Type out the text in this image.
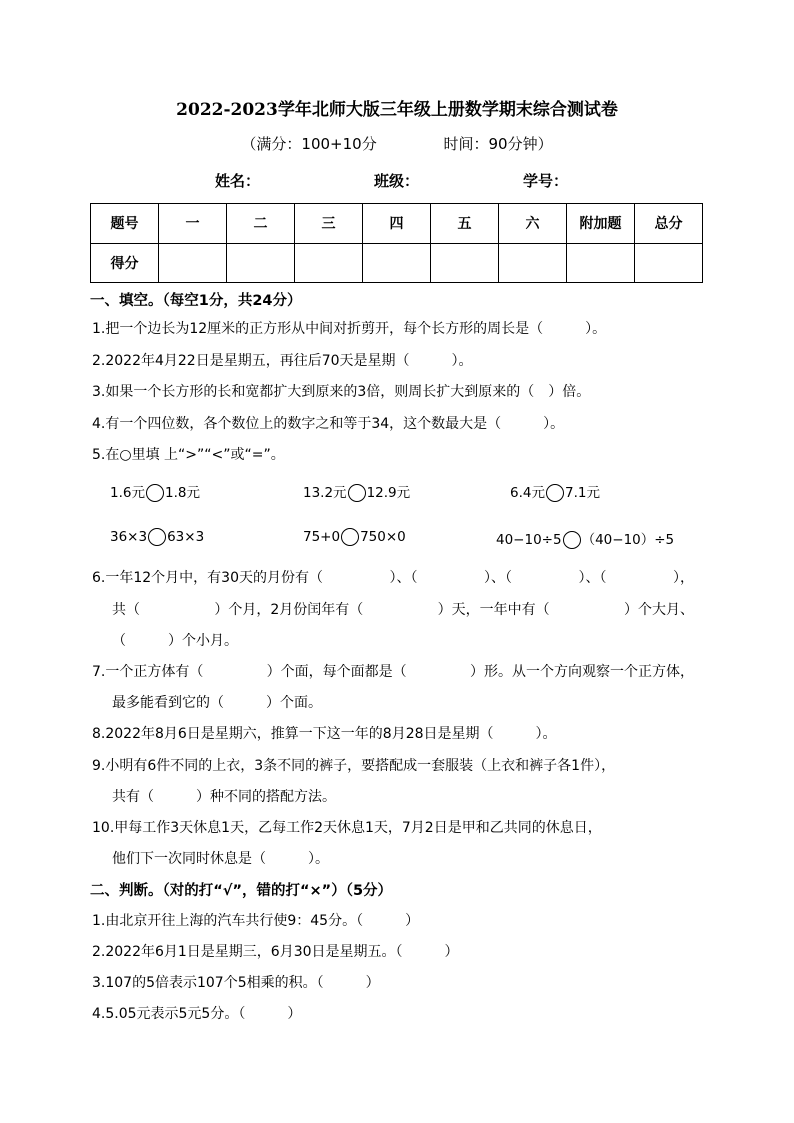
2022-2023学年北师大版三年级上册数学期末综合测试卷
（满分：100+10分	时间：90分钟）
姓名：	班级：	学号：
题号	一	二	三	四	五	六	附加题	总分
得分								
一、填空。（每空1分，共24分）
1.把一个边长为12厘米的正方形从中间对折剪开，每个长方形的周长是（　　　）。
2.2022年4月22日是星期五，再往后70天是星期（　　　）。
3.如果一个长方形的长和宽都扩大到原来的3倍，则周长扩大到原来的（　）倍。
4.有一个四位数，各个数位上的数字之和等于34，这个数最大是（　　　）。
5.在○里填 上“>”“<”或“=”。
1.6元 1.8元	13.2元 12.9元	6.4元 7.1元
36×3 63×3	75+0 750×0	40−10÷5 （40−10）÷5
6.一年12个月中，有30天的月份有（	）、（	）、（	）、（	），
共（	）个月，2月份闰年有（	）天，一年中有（	）个大月、
（　　　）个小月。
7.一个正方体有（	）个面，每个面都是（	）形。从一个方向观察一个正方体，
最多能看到它的（　　　）个面。
8.2022年8月6日是星期六，推算一下这一年的8月28日是星期（　　　）。
9.小明有6件不同的上衣，3条不同的裤子，要搭配成一套服装（上衣和裤子各1件），
共有（　　　）种不同的搭配方法。
10.甲每工作3天休息1天，乙每工作2天休息1天，7月2日是甲和乙共同的休息日，
他们下一次同时休息是（　　　）。
二、判断。（对的打“√”，错的打“×”）（5分）
1.由北京开往上海的汽车共行使9：45分。（　　　）
2.2022年6月1日是星期三，6月30日是星期五。（　　　）
3.107的5倍表示107个5相乘的积。（　　　）
4.5.05元表示5元5分。（　　　）
